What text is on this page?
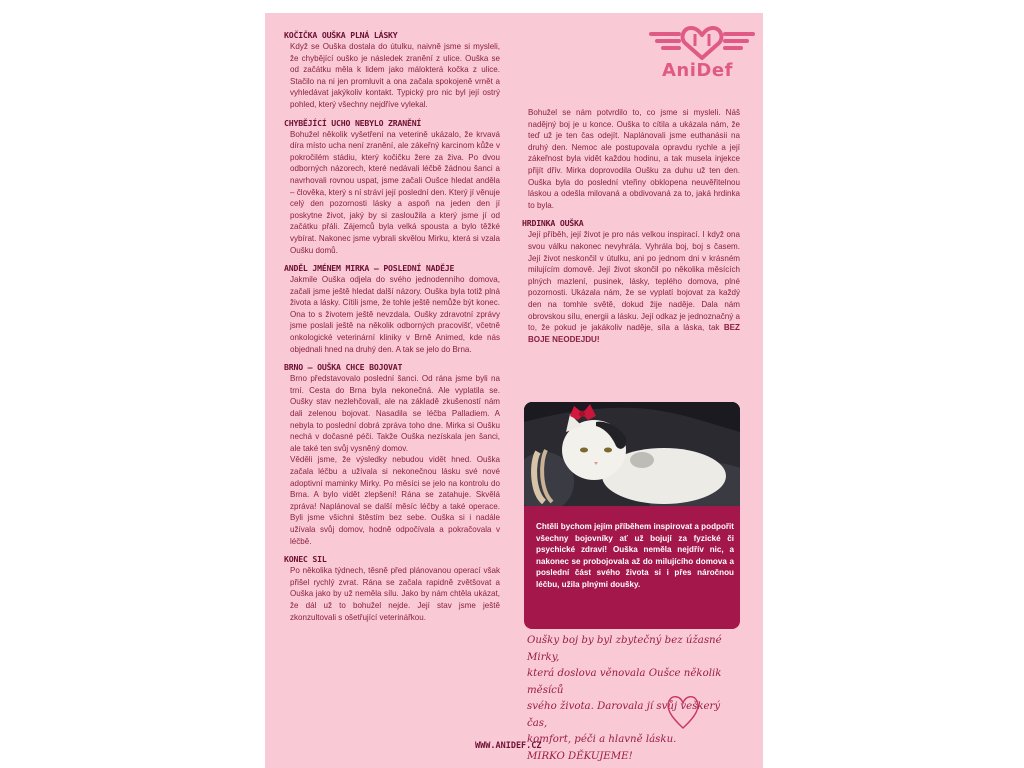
KOČIČKA OUŠKA PLNÁ LÁSKY

Když se Ouška dostala do útulku, naivně jsme si mysleli, že chybějící ouško je následek zranění z ulice. Ouška se od začátku měla k lidem jako málokterá kočka z ulice. Stačilo na ni jen promluvit a ona začala spokojeně vrnět a vyhledávat jakýkoliv kontakt. Typický pro nic byl její ostrý pohled, který všechny nejdříve vylekal.

CHYBĚJÍCÍ UCHO NEBYLO ZRANĚNÍ

Bohužel několik vyšetření na veterině ukázalo, že krvavá díra místo ucha není zranění, ale zákeřný karcinom kůže v pokročilém stádiu, který kočičku žere za živa. Po dvou odborných názorech, které nedávali léčbě žádnou šanci a navrhovali rovnou uspat, jsme začali Oušce hledat anděla – člověka, který s ní stráví její poslední den. Který jí věnuje celý den pozornosti lásky a aspoň na jeden den jí poskytne život, jaký by si zasloužila a který jsme jí od začátku přáli. Zájemců byla velká spousta a bylo těžké vybírat. Nakonec jsme vybrali skvělou Mirku, která si vzala Oušku domů.

ANDĚL JMÉNEM MIRKA – POSLEDNÍ NADĚJE

Jakmile Ouška odjela do svého jednodenního domova, začali jsme ještě hledat další názory. Ouška byla totiž plná života a lásky. Cítili jsme, že tohle ještě nemůže být konec. Ona to s životem ještě nevzdala. Oušky zdravotní zprávy jsme poslali ještě na několik odborných pracovišť, včetně onkologické veterinární kliniky v Brně Animed, kde nás objednali hned na druhý den. A tak se jelo do Brna.

BRNO – OUŠKA CHCE BOJOVAT

Brno představovalo poslední šanci. Od rána jsme byli na trní. Cesta do Brna byla nekonečná. Ale vyplatila se. Oušky stav nezlehčovali, ale na základě zkušeností nám dali zelenou bojovat. Nasadila se léčba Palladiem. A nebyla to poslední dobrá zpráva toho dne. Mirka si Oušku nechá v dočasné péči. Takže Ouška nezískala jen šanci, ale také ten svůj vysněný domov.

Věděli jsme, že výsledky nebudou vidět hned. Ouška začala léčbu a užívala si nekonečnou lásku své nové adoptivní maminky Mirky. Po měsíci se jelo na kontrolu do Brna. A bylo vidět zlepšení! Rána se zatahuje. Skvělá zpráva! Naplánoval se další měsíc léčby a také operace. Byli jsme všichni štěstím bez sebe. Ouška si i nadále užívala svůj domov, hodně odpočívala a pokračovala v léčbě.

KONEC SIL

Po několika týdnech, těsně před plánovanou operací však přišel rychlý zvrat. Rána se začala rapidně zvětšovat a Ouška jako by už neměla sílu. Jako by nám chtěla ukázat, že dál už to bohužel nejde. Její stav jsme ještě zkonzultovali s ošetřující veterinářkou.

AniDef

Bohužel se nám potvrdilo to, co jsme si mysleli. Náš nadějný boj je u konce. Ouška to cítila a ukázala nám, že teď už je ten čas odejít. Naplánovali jsme euthanásii na druhý den. Nemoc ale postupovala opravdu rychle a její zákeřnost byla vidět každou hodinu, a tak musela injekce přijít dřív. Mirka doprovodila Oušku za duhu už ten den. Ouška byla do poslední vteřiny obklopena neuvěřitelnou láskou a odešla milovaná a obdivovaná za to, jaká hrdinka to byla.

HRDINKA OUŠKA

Její příběh, její život je pro nás velkou inspirací. I když ona svou válku nakonec nevyhrála. Vyhrála boj, boj s časem. Její život neskončil v útulku, ani po jednom dni v krásném milujícím domově. Její život skončil po několika měsících plných mazlení, pusinek, lásky, teplého domova, plné pozornosti. Ukázala nám, že se vyplatí bojovat za každý den na tomhle světě, dokud žije naděje. Dala nám obrovskou sílu, energii a lásku. Její odkaz je jednoznačný a to, že pokud je jakákoliv naděje, síla a láska, tak BEZ BOJE NEODEJDU!

Chtěli bychom jejím příběhem inspirovat a podpořit všechny bojovníky ať už bojují za fyzické či psychické zdraví! Ouška neměla nejdřív nic, a nakonec se probojovala až do milujícího domova a poslední část svého života si i přes náročnou léčbu, užila plnými doušky.
Oušky boj by byl zbytečný bez úžasné Mirky,
která doslova věnovala Oušce několik měsíců
svého života. Darovala jí svůj veškerý čas,
komfort, péči a hlavně lásku.
MIRKO DĚKUJEME!
WWW.ANIDEF.CZ
